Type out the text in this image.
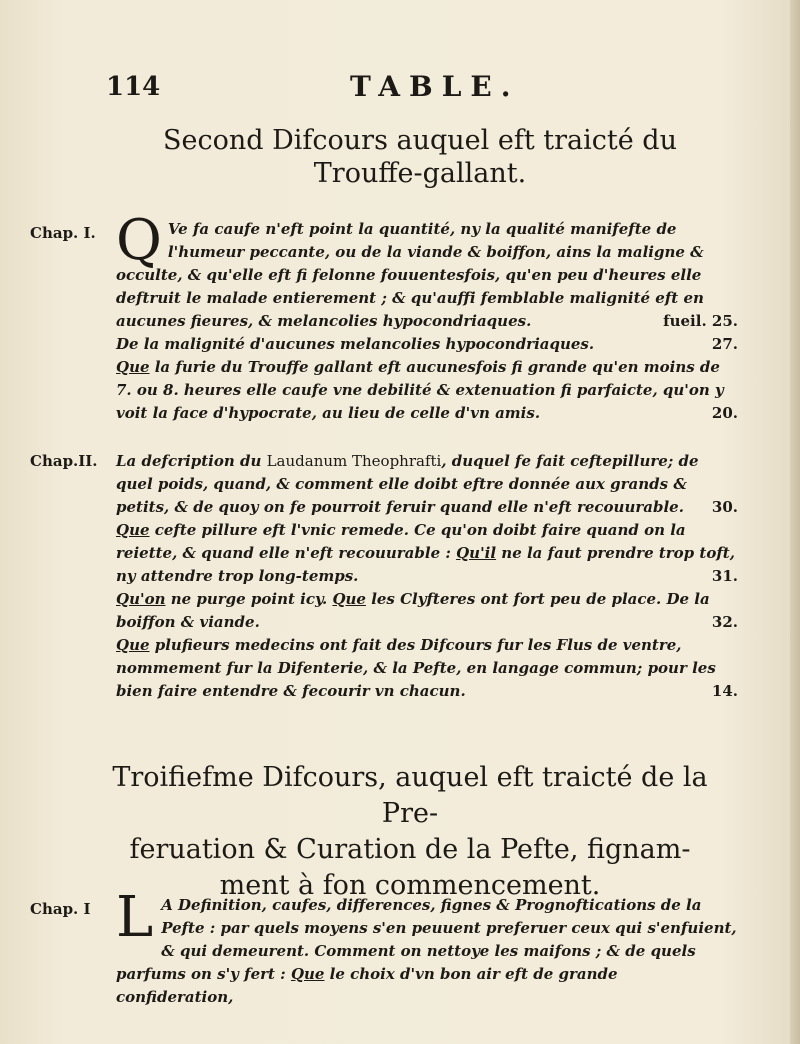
114	TABLE.
Second Difcours auquel eft traicté du
Trouffe-gallant.
Chap. I. Q Ve fa caufe n'eft point la quantité, ny la qualité manifefte de l'humeur peccante, ou de la viande & boiffon, ains la maligne & occulte, & qu'elle eft fi felonne fouuentesfois, qu'en peu d'heures elle deftruit le malade entierement ; & qu'auffi femblable malignité eft en aucunes fieures, & melancolies hypocondriaques.	fueil. 25.

De la malignité d'aucunes melancolies hypocondriaques.	27.

Que la furie du Trouffe gallant eft aucunesfois fi grande qu'en moins de 7. ou 8. heures elle caufe vne debilité & extenuation fi parfaicte, qu'on y voit la face d'hypocrate, au lieu de celle d'vn amis.	20.

Chap.II. La defcription du Laudanum Theophrafti, duquel fe fait ceftepillure; de quel poids, quand, & comment elle doibt eftre donnée aux grands & petits, & de quoy on fe pourroit feruir quand elle n'eft recouurable. 30.

Que cefte pillure eft l'vnic remede. Ce qu'on doibt faire quand on la reiette, & quand elle n'eft recouurable : Qu'il ne la faut prendre trop toft, ny attendre trop long-temps.	31.

Qu'on ne purge point icy. Que les Clyfteres ont fort peu de place. De la boiffon & viande.	32.

Que plufieurs medecins ont fait des Difcours fur les Flus de ventre, nommement fur la Difenterie, & la Pefte, en langage commun; pour les bien faire entendre & fecourir vn chacun.	14.

Troifiefme Difcours, auquel eft traicté de la Pre-
feruation & Curation de la Pefte, fignam-
ment à fon commencement.
Chap. I L A Definition, caufes, differences, fignes & Prognoftications de la Pefte : par quels moyens s'en peuuent preferuer ceux qui s'enfuient, & qui demeurent. Comment on nettoye les maifons ; & de quels parfums on s'y fert : Que le choix d'vn bon air eft de grande confideration,
